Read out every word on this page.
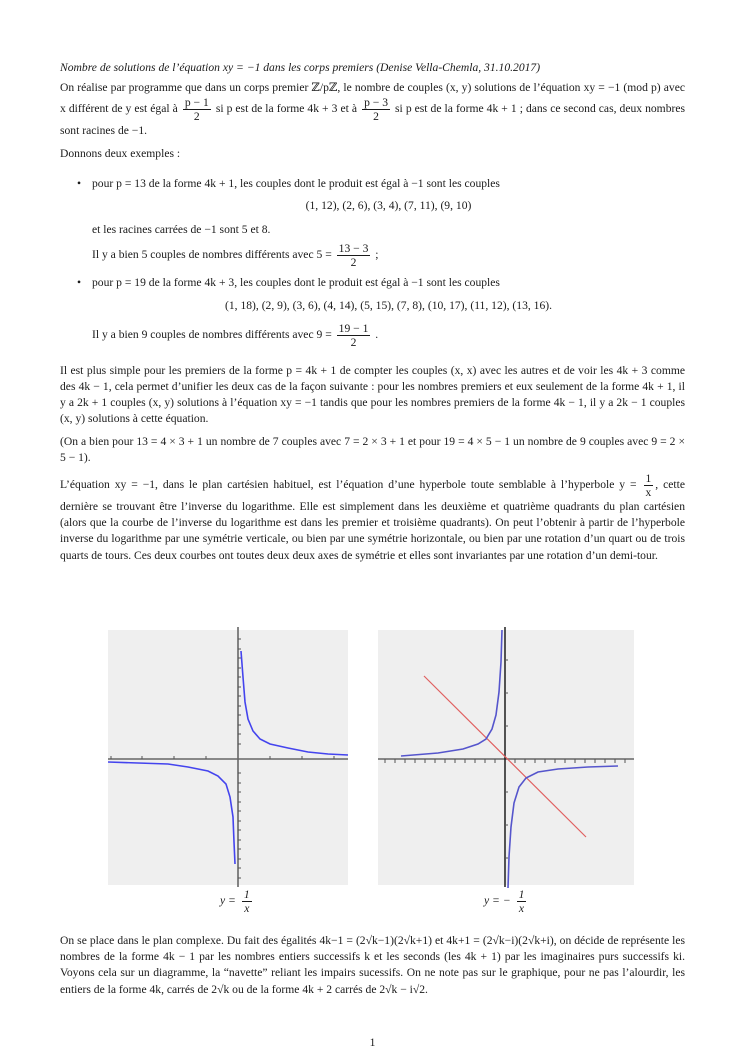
Nombre de solutions de l’équation xy = −1 dans les corps premiers (Denise Vella-Chemla, 31.10.2017)

On réalise par programme que dans un corps premier ℤ/pℤ, le nombre de couples (x, y) solutions de l’équation xy = −1 (mod p) avec x différent de y est égal à $\frac{p - 1}{2}$ si p est de la forme 4k + 3 et à $\frac{p - 3}{2}$ si p est de la forme 4k + 1 ; dans ce second cas, deux nombres sont racines de −1.

Donnons deux exemples :

• pour p = 13 de la forme 4k + 1, les couples dont le produit est égal à −1 sont les couples

(1, 12), (2, 6), (3, 4), (7, 11), (9, 10)

et les racines carrées de −1 sont 5 et 8.

Il y a bien 5 couples de nombres différents avec $5 = \frac{13 - 3}{2}$ ;

• pour p = 19 de la forme 4k + 3, les couples dont le produit est égal à −1 sont les couples

(1, 18), (2, 9), (3, 6), (4, 14), (5, 15), (7, 8), (10, 17), (11, 12), (13, 16).

Il y a bien 9 couples de nombres différents avec $9 = \frac{19 - 1}{2}$ .

Il est plus simple pour les premiers de la forme p = 4k + 1 de compter les couples (x, x) avec les autres et de voir les 4k + 3 comme des 4k − 1, cela permet d’unifier les deux cas de la façon suivante : pour les nombres premiers et eux seulement de la forme 4k + 1, il y a 2k + 1 couples (x, y) solutions à l’équation xy = −1 tandis que pour les nombres premiers de la forme 4k − 1, il y a 2k − 1 couples (x, y) solutions à cette équation.

(On a bien pour 13 = 4 × 3 + 1 un nombre de 7 couples avec 7 = 2 × 3 + 1 et pour 19 = 4 × 5 − 1 un nombre de 9 couples avec 9 = 2 × 5 − 1).

L’équation xy = −1, dans le plan cartésien habituel, est l’équation d’une hyperbole toute semblable à l’hyperbole $y = \frac{1}{x}$ , cette dernière se trouvant être l’inverse du logarithme. Elle est simplement dans les deuxième et quatrième quadrants du plan cartésien (alors que la courbe de l’inverse du logarithme est dans les premier et troisième quadrants). On peut l’obtenir à partir de l’hyperbole inverse du logarithme par une symétrie verticale, ou bien par une symétrie horizontale, ou bien par une rotation d’un quart ou de trois quarts de tours. Ces deux courbes ont toutes deux deux axes de symétrie et elles sont invariantes par une rotation d’un demi-tour.

$y = \frac{1}{x}$	y = − $\frac{1}{x}$

On se place dans le plan complexe. Du fait des égalités 4k−1 = (2√k−1)(2√k+1) et 4k+1 = (2√k−i)(2√k+i), on décide de représente les nombres de la forme 4k − 1 par les nombres entiers successifs k et les seconds (les 4k + 1) par les imaginaires purs successifs ki. Voyons cela sur un diagramme, la “navette” reliant les impairs sucessifs. On ne note pas sur le graphique, pour ne pas l’alourdir, les entiers de la forme 4k, carrés de 2√k ou de la forme 4k + 2 carrés de 2√k − i√2.

1
